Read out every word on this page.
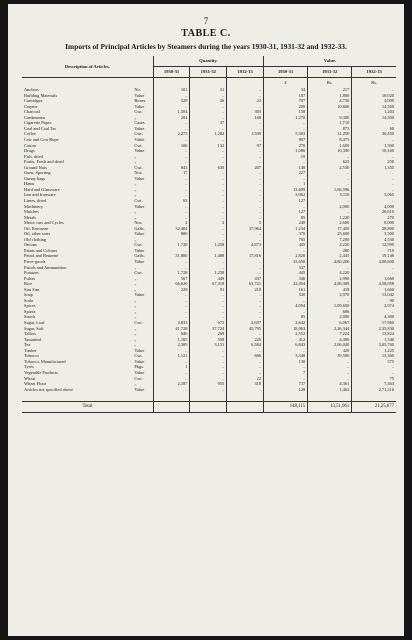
7
TABLE C.
Imports of Principal Articles by Steamers during the years 1930-31, 1931-32 and 1932-33.
Description of Articles.		Quantity.			Value.		
		1930-31	1931-32	1932-33	1930-31	1931-32	1932-33
					£	Rs.	Rs.
Anchors	No.	101	31	..	34	217	..
Building Materials	Value	..	..	..	187	1,800	10,020
Cartridges	Boxes	529	26	23	797	4,750	2,000
Carpets	Value	..	..	..	200	10,600	14,500
Charcoal	Cwt.	1,504	..	303	158	..	1,204
Cardamoms	„	204	..	168	1,270	9,300	14,500
Cigarette Paper	Cases	..	37	..	..	1,710	..
Coal and Coal Tar	Value	..	..	..	..	873	60
Coffee	Cwt.	2,275	1,282	1,509	5,303	31,250	30,450
Coir and Coir Rope	Value	..	..	..	807	8,475	..
Cotton	Cwt.	106	132	97	270	1,600	1,500
Drugs	Value	..	..	..	1,086	10,390	10,160
Fish, dried	„	..	..	..	10	..	..
Fruits, Fresh and dried	„	..	..	..	..	625	258
Ground Nuts	Cwt.	843	630	207	140	2,530	1,355
Guns, Sporting	Nos.	17	..	..	227	..	..
Gunny bags	Value	..	..	..	..	..	..
Hams	„	..	..	..	1	..	..
Hard and Glassware	„	..	..	..	13,609	1,66,596	..
Iron and Ironware	„	..	..	..	3,062	5,110	5,065
Limes, dried	Cwt.	63	..	..	127	..	..
Machinery	Value	..	..	..	..	2,000	4,000
Matches	„	..	..	..	127	..	26,610
Metals	„	..	..	..	85	1,220	270
Motor cars and Cycles	Nos.	2	2	5	240	2,600	8,000
Oil, Kerosene	Galls.	32,404	..	37,964	1,234	17,450	28,800
Oil, other sorts	Value	800	..	..	370	25,600	3,500
Old clothing	„	..	..	..	765	7,200	4,530
Onions	Cwt.	1,728	1,258	4,873	445	4,220	12,990
Paints and Colours	Value	..	..	..	..	280	710
Petrol and Benzene	Galls.	31,800	1,488	17,816	2,820	2,445	19,146
Piece-goods	Value	..	..	..	33,650	4,80,200	4,00,600
Pistols and Ammunition	„	..	..	..	347	..	..
Potatoes	Cwt.	1,728	1,258	..	445	4,220	..
Pulses	„	567	449	437	346	2,990	1,660
Rice	„	66,620	67,318	63,721	22,054	4,06,308	4,58,058
Sim Sim	„	229	91	210	161	418	1,660
Soap	Value	..	..	..	330	2,970	13,042
Soda	„	..	..	..	..	..	90
Spices	„	..	..	..	4,094	1,09,650	2,974
Spirits	„	..	..	..	..	606	..
Starch	„	..	..	..	85	2,000	4,300
Sugar, Loaf	Cwt.	3,833	672	2,697	2,642	6,067	17,960
Sugar, Soft	„	41,728	37,724	45,795	18,063	2,26,344	2,35,830
Tallow	„	846	269	..	2,552	7,224	13,824
Tamarind	„	1,105	558	220	412	4,490	1,540
Tea	„	2,309	3,151	6,584	6,843	2,06,040	3,05,760
Timber	Value	..	..	..	..	420	1,225
Tobacco	Cwt.	1,121	..	666	3,348	39,500	13,360
Tobacco, Manufactured	Value	..	..	..	130	..	375
Tyres	Pkgs.	1	..	..	..	..	..
Vegetable Products	Value	..	..	..	7	..	..
Wheat	Cwt.	..	..	22	..	..	75
Wheat Flour	„	2,187	955	318	737	4,361	7,464
Articles not specified above	Value	..	..	..	128	1,462	2,71,216

Total					148,115	13,51,961	21,25,677
